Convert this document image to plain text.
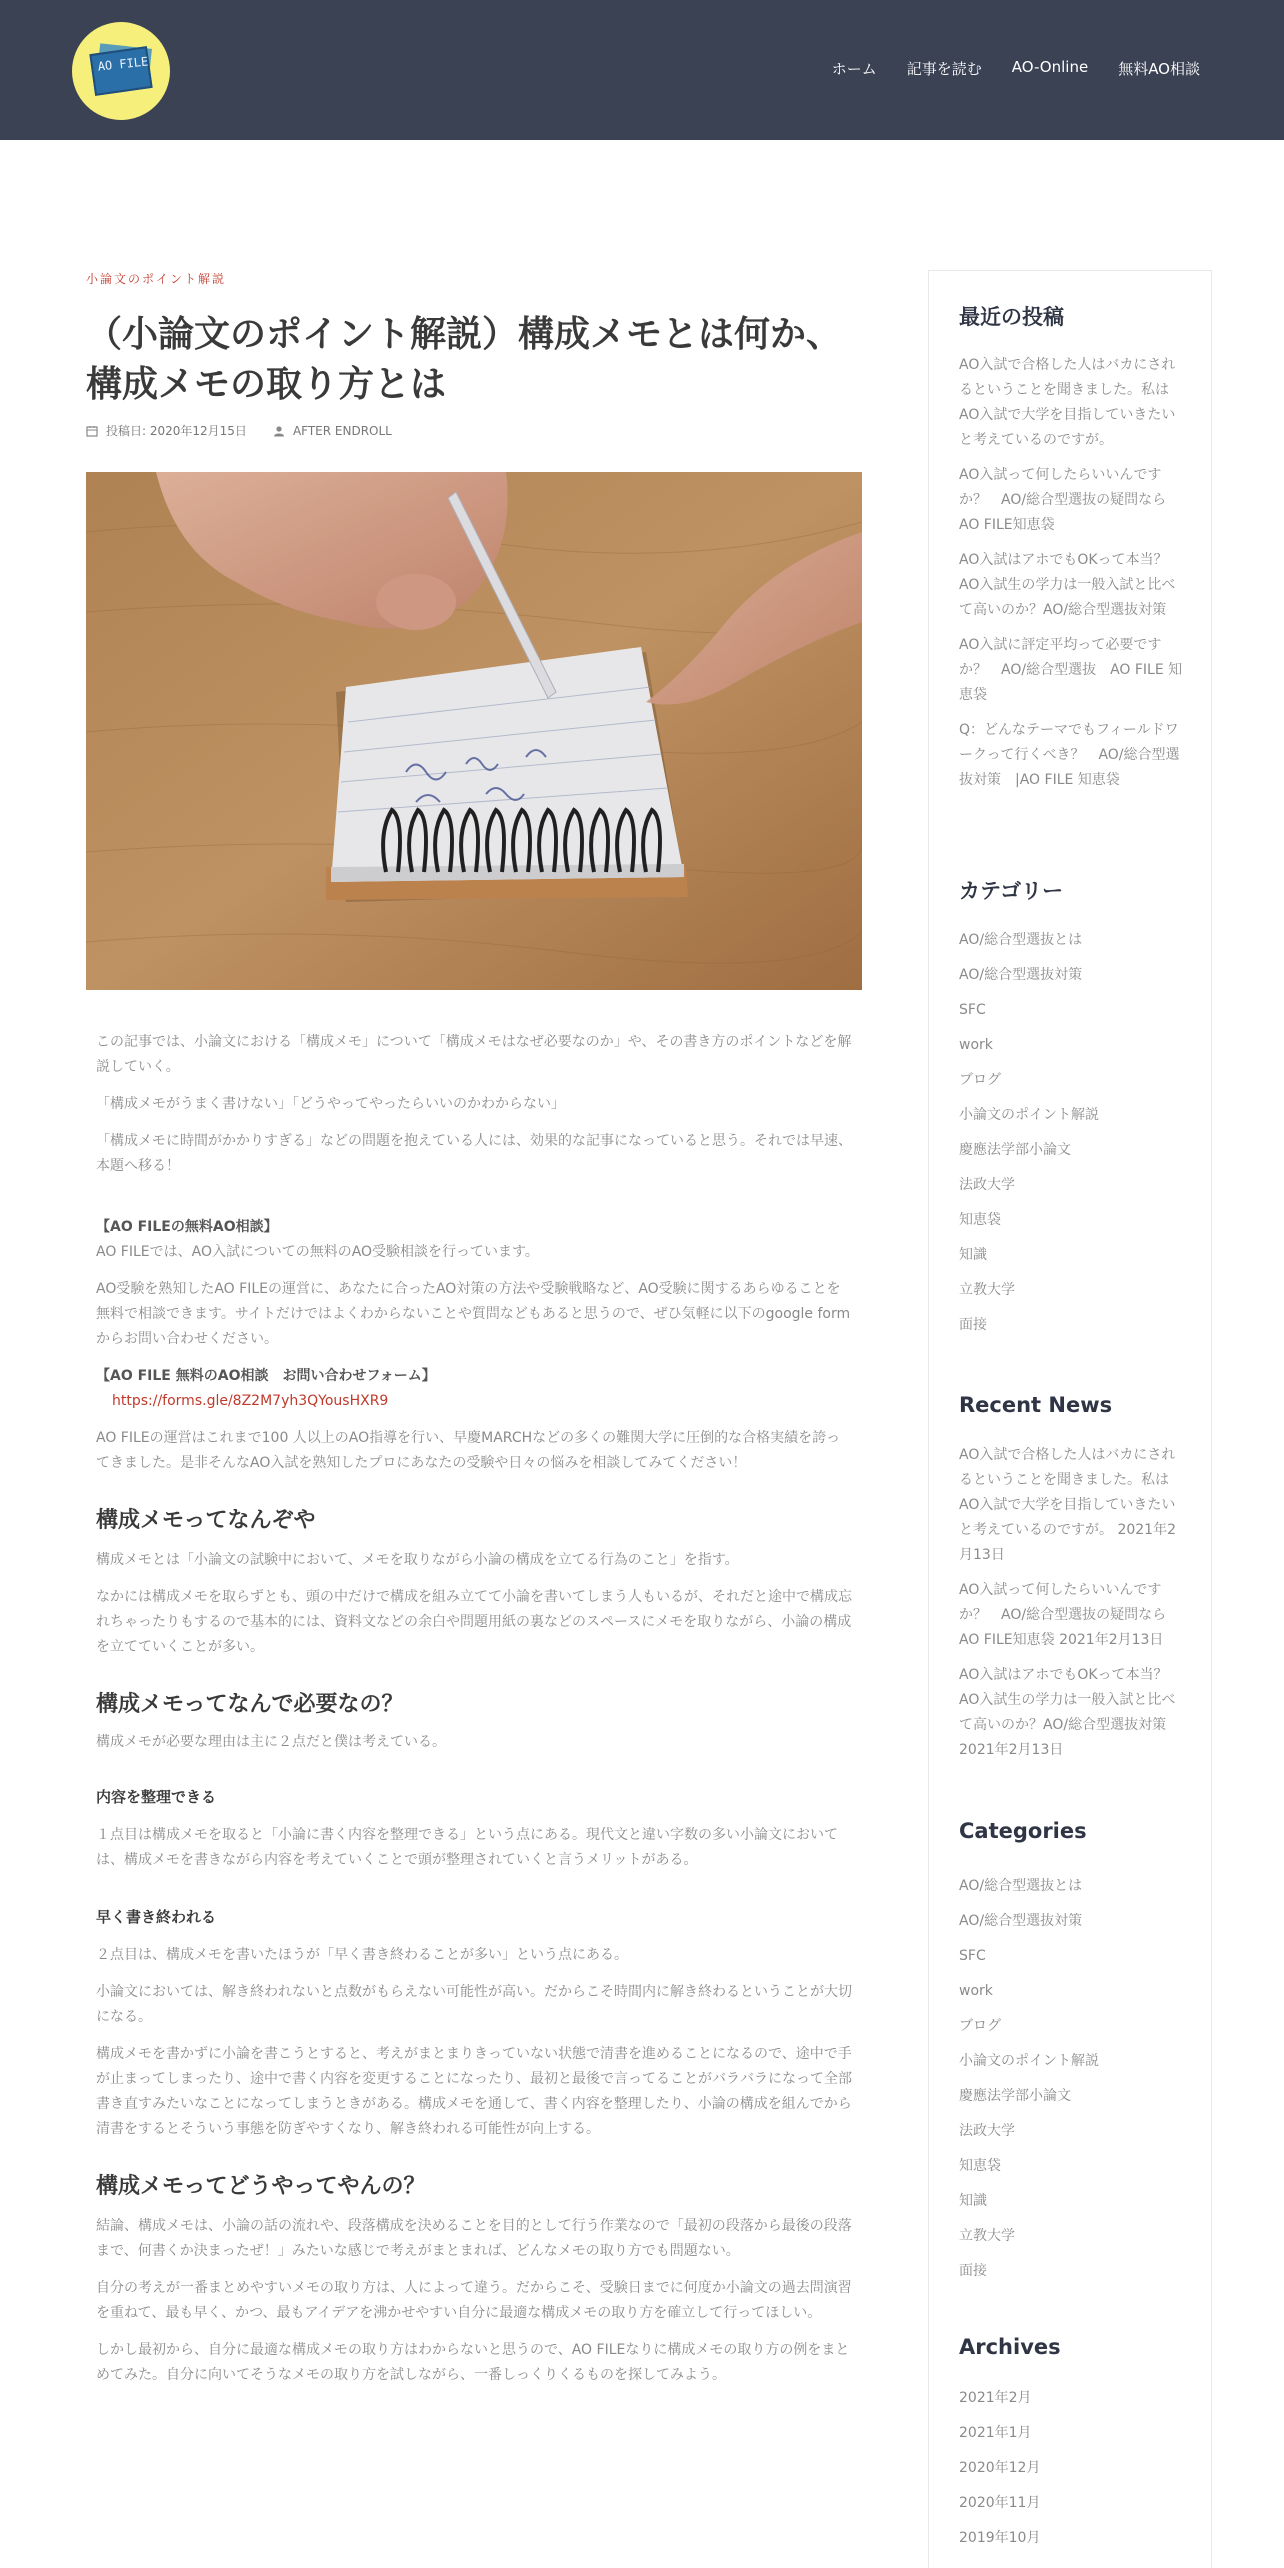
AO FILE	ホーム 記事を読む AO-Online 無料AO相談
小論文のポイント解説
（小論文のポイント解説）構成メモとは何か、構成メモの取り方とは
投稿日: 2020年12月15日	AFTER ENDROLL

この記事では、小論文における「構成メモ」について「構成メモはなぜ必要なのか」や、その書き方のポイントなどを解説していく。

「構成メモがうまく書けない」「どうやってやったらいいのかわからない」

「構成メモに時間がかかりすぎる」などの問題を抱えている人には、効果的な記事になっていると思う。それでは早速、本題へ移る！

【AO FILEの無料AO相談】

AO FILEでは、AO入試についての無料のAO受験相談を行っています。

AO受験を熟知したAO FILEの運営に、あなたに合ったAO対策の方法や受験戦略など、AO受験に関するあらゆることを無料で相談できます。サイトだけではよくわからないことや質問などもあると思うので、ぜひ気軽に以下のgoogle formからお問い合わせください。

【AO FILE 無料のAO相談　お問い合わせフォーム】

https://forms.gle/8Z2M7yh3QYousHXR9

AO FILEの運営はこれまで100 人以上のAO指導を行い、早慶MARCHなどの多くの難関大学に圧倒的な合格実績を誇ってきました。是非そんなAO入試を熟知したプロにあなたの受験や日々の悩みを相談してみてください！

構成メモってなんぞや

構成メモとは「小論文の試験中において、メモを取りながら小論の構成を立てる行為のこと」を指す。

なかには構成メモを取らずとも、頭の中だけで構成を組み立てて小論を書いてしまう人もいるが、それだと途中で構成忘れちゃったりもするので基本的には、資料文などの余白や問題用紙の裏などのスペースにメモを取りながら、小論の構成を立てていくことが多い。

構成メモってなんで必要なの？

構成メモが必要な理由は主に２点だと僕は考えている。

内容を整理できる

１点目は構成メモを取ると「小論に書く内容を整理できる」という点にある。現代文と違い字数の多い小論文においては、構成メモを書きながら内容を考えていくことで頭が整理されていくと言うメリットがある。

早く書き終われる

２点目は、構成メモを書いたほうが「早く書き終わることが多い」という点にある。

小論文においては、解き終われないと点数がもらえない可能性が高い。だからこそ時間内に解き終わるということが大切になる。

構成メモを書かずに小論を書こうとすると、考えがまとまりきっていない状態で清書を進めることになるので、途中で手が止まってしまったり、途中で書く内容を変更することになったり、最初と最後で言ってることがバラバラになって全部書き直すみたいなことになってしまうときがある。構成メモを通して、書く内容を整理したり、小論の構成を組んでから清書をするとそういう事態を防ぎやすくなり、解き終われる可能性が向上する。

構成メモってどうやってやんの？

結論、構成メモは、小論の話の流れや、段落構成を決めることを目的として行う作業なので「最初の段落から最後の段落まで、何書くか決まったぜ！」みたいな感じで考えがまとまれば、どんなメモの取り方でも問題ない。

自分の考えが一番まとめやすいメモの取り方は、人によって違う。だからこそ、受験日までに何度か小論文の過去問演習を重ねて、最も早く、かつ、最もアイデアを沸かせやすい自分に最適な構成メモの取り方を確立して行ってほしい。

しかし最初から、自分に最適な構成メモの取り方はわからないと思うので、AO FILEなりに構成メモの取り方の例をまとめてみた。自分に向いてそうなメモの取り方を試しながら、一番しっくりくるものを探してみよう。

最近の投稿
AO入試で合格した人はバカにされるということを聞きました。私はAO入試で大学を目指していきたいと考えているのですが。
AO入試って何したらいいんですか？　AO/総合型選抜の疑問ならAO FILE知恵袋
AO入試はアホでもOKって本当？AO入試生の学力は一般入試と比べて高いのか？AO/総合型選抜対策
AO入試に評定平均って必要ですか？　AO/総合型選抜　AO FILE 知恵袋
Q：どんなテーマでもフィールドワークって行くべき？　AO/総合型選抜対策　|AO FILE 知恵袋
カテゴリー
AO/総合型選抜とは
AO/総合型選抜対策
SFC
work
ブログ
小論文のポイント解説
慶應法学部小論文
法政大学
知恵袋
知識
立教大学
面接
Recent News
AO入試で合格した人はバカにされるということを聞きました。私はAO入試で大学を目指していきたいと考えているのですが。 2021年2月13日
AO入試って何したらいいんですか？　AO/総合型選抜の疑問ならAO FILE知恵袋 2021年2月13日
AO入試はアホでもOKって本当？AO入試生の学力は一般入試と比べて高いのか？AO/総合型選抜対策 2021年2月13日
Categories
AO/総合型選抜とは
AO/総合型選抜対策
SFC
work
ブログ
小論文のポイント解説
慶應法学部小論文
法政大学
知恵袋
知識
立教大学
面接
Archives
2021年2月
2021年1月
2020年12月
2020年11月
2019年10月
